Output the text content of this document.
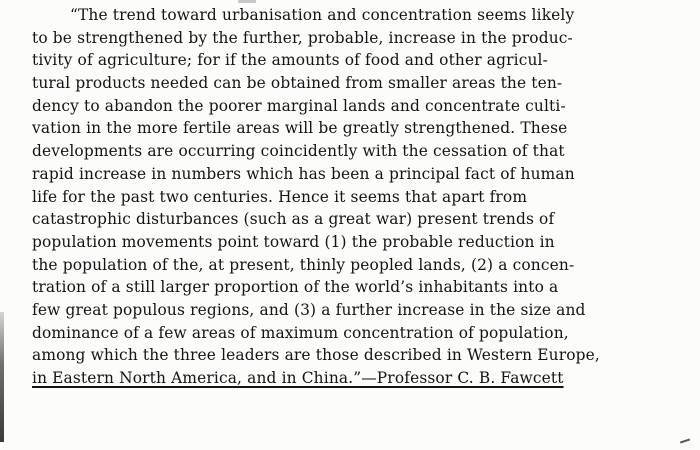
“The trend toward urbanisation and concentration seems likely
to be strengthened by the further, probable, increase in the produc-
tivity of agriculture; for if the amounts of food and other agricul-
tural products needed can be obtained from smaller areas the ten-
dency to abandon the poorer marginal lands and concentrate culti-
vation in the more fertile areas will be greatly strengthened. These
developments are occurring coincidently with the cessation of that
rapid increase in numbers which has been a principal fact of human
life for the past two centuries. Hence it seems that apart from
catastrophic disturbances (such as a great war) present trends of
population movements point toward (1) the probable reduction in
the population of the, at present, thinly peopled lands, (2) a concen-
tration of a still larger proportion of the world’s inhabitants into a
few great populous regions, and (3) a further increase in the size and
dominance of a few areas of maximum concentration of population,
among which the three leaders are those described in Western Europe,
in Eastern North America, and in China.”—Professor C. B. Fawcett
